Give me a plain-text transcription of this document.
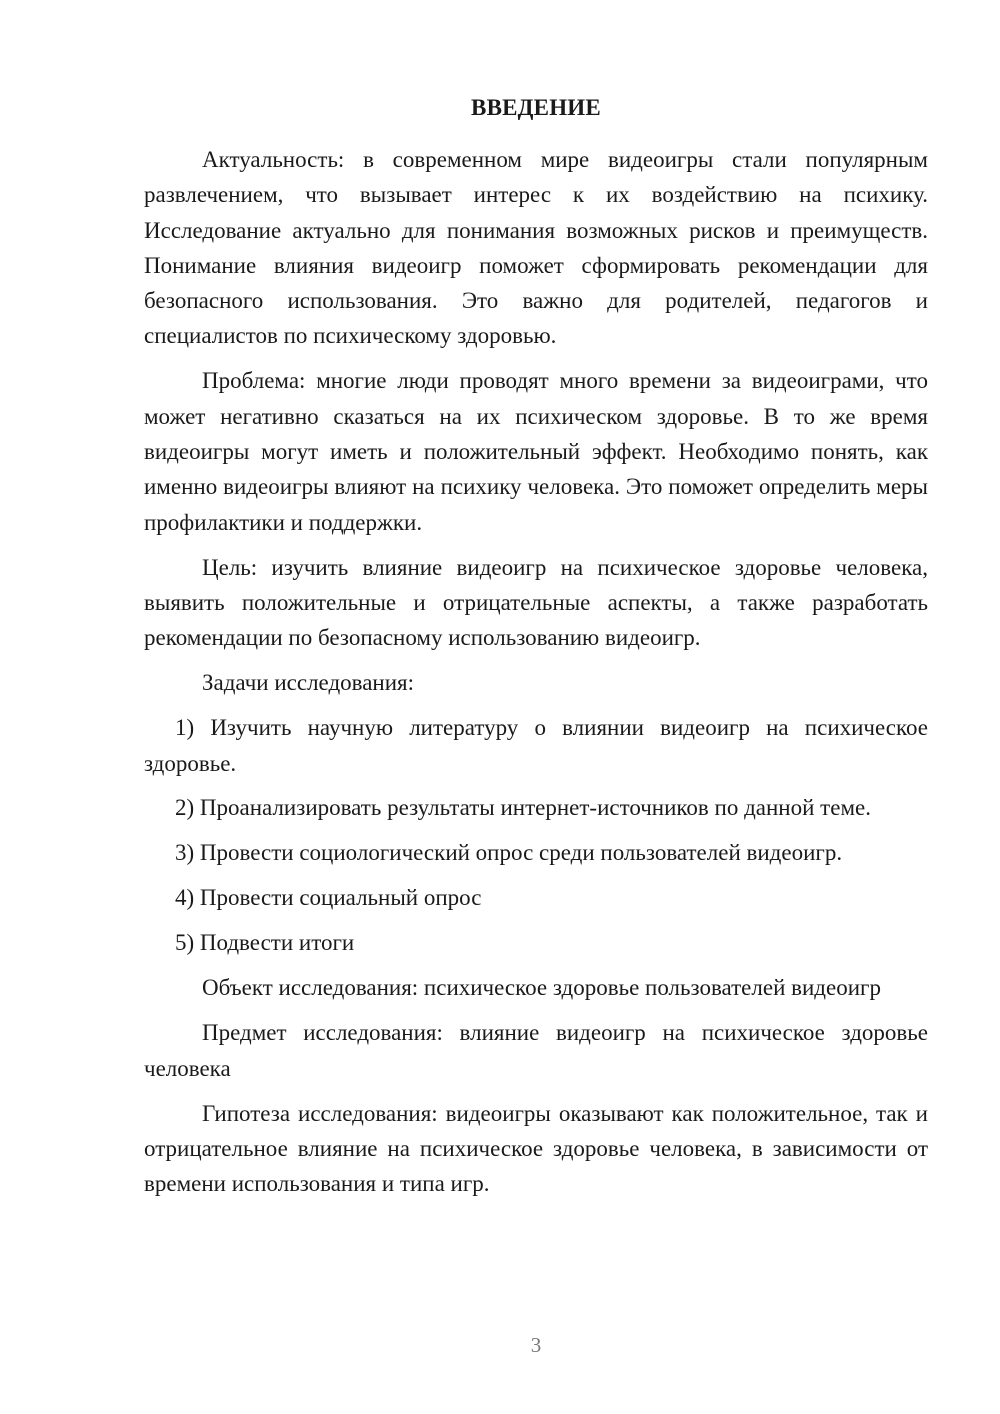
ВВЕДЕНИЕ

Актуальность: в современном мире видеоигры стали популярным развлечением, что вызывает интерес к их воздействию на психику. Исследование актуально для понимания возможных рисков и преимуществ. Понимание влияния видеоигр поможет сформировать рекомендации для безопасного использования. Это важно для родителей, педагогов и специалистов по психическому здоровью.

Проблема: многие люди проводят много времени за видеоиграми, что может негативно сказаться на их психическом здоровье. В то же время видеоигры могут иметь и положительный эффект. Необходимо понять, как именно видеоигры влияют на психику человека. Это поможет определить меры профилактики и поддержки.

Цель: изучить влияние видеоигр на психическое здоровье человека, выявить положительные и отрицательные аспекты, а также разработать рекомендации по безопасному использованию видеоигр.

Задачи исследования:

1) Изучить научную литературу о влиянии видеоигр на психическое здоровье.

2) Проанализировать результаты интернет-источников по данной теме.

3) Провести социологический опрос среди пользователей видеоигр.

4) Провести социальный опрос

5) Подвести итоги

Объект исследования: психическое здоровье пользователей видеоигр

Предмет исследования: влияние видеоигр на психическое здоровье человека

Гипотеза исследования: видеоигры оказывают как положительное, так и отрицательное влияние на психическое здоровье человека, в зависимости от времени использования и типа игр.

3
